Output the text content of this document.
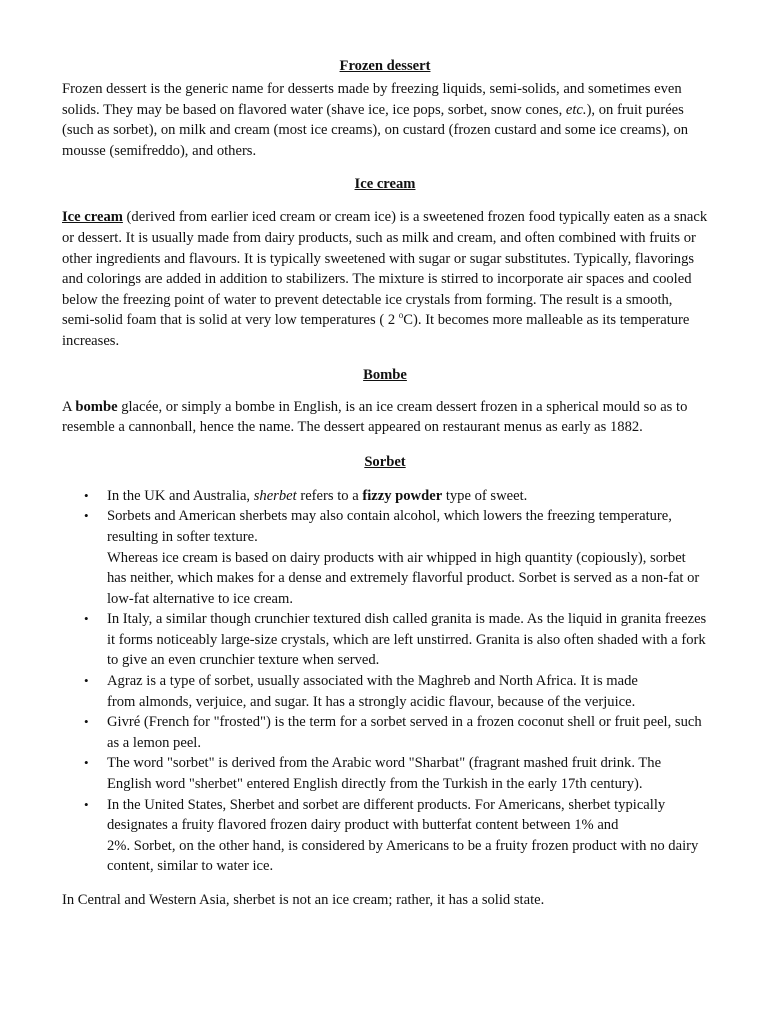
Frozen dessert

Frozen dessert is the generic name for desserts made by freezing liquids, semi-solids, and sometimes even solids. They may be based on flavored water (shave ice, ice pops, sorbet, snow cones, etc.), on fruit purées (such as sorbet), on milk and cream (most ice creams), on custard (frozen custard and some ice creams), on mousse (semifreddo), and others.

Ice cream

Ice cream (derived from earlier iced cream or cream ice) is a sweetened frozen food typically eaten as a snack or dessert. It is usually made from dairy products, such as milk and cream, and often combined with fruits or other ingredients and flavours. It is typically sweetened with sugar or sugar substitutes. Typically, flavorings and colorings are added in addition to stabilizers. The mixture is stirred to incorporate air spaces and cooled below the freezing point of water to prevent detectable ice crystals from forming. The result is a smooth, semi-solid foam that is solid at very low temperatures ( 2 $^o$C). It becomes more malleable as its temperature increases.

Bombe

A bombe glacée, or simply a bombe in English, is an ice cream dessert frozen in a spherical mould so as to resemble a cannonball, hence the name. The dessert appeared on restaurant menus as early as 1882.

Sorbet
• In the UK and Australia, sherbet refers to a fizzy powder type of sweet.
• Sorbets and American sherbets may also contain alcohol, which lowers the freezing temperature, resulting in softer texture.
Whereas ice cream is based on dairy products with air whipped in high quantity (copiously), sorbet has neither, which makes for a dense and extremely flavorful product. Sorbet is served as a non-fat or low-fat alternative to ice cream.
• In Italy, a similar though crunchier textured dish called granita is made. As the liquid in granita freezes it forms noticeably large-size crystals, which are left unstirred. Granita is also often shaded with a fork to give an even crunchier texture when served.
• Agraz is a type of sorbet, usually associated with the Maghreb and North Africa. It is made
from almonds, verjuice, and sugar. It has a strongly acidic flavour, because of the verjuice.
• Givré (French for "frosted") is the term for a sorbet served in a frozen coconut shell or fruit peel, such as a lemon peel.
• The word "sorbet" is derived from the Arabic word "Sharbat" (fragrant mashed fruit drink. The English word "sherbet" entered English directly from the Turkish in the early 17th century).
• In the United States, Sherbet and sorbet are different products. For Americans, sherbet typically designates a fruity flavored frozen dairy product with butterfat content between 1% and
2%. Sorbet, on the other hand, is considered by Americans to be a fruity frozen product with no dairy content, similar to water ice.

In Central and Western Asia, sherbet is not an ice cream; rather, it has a solid state.
